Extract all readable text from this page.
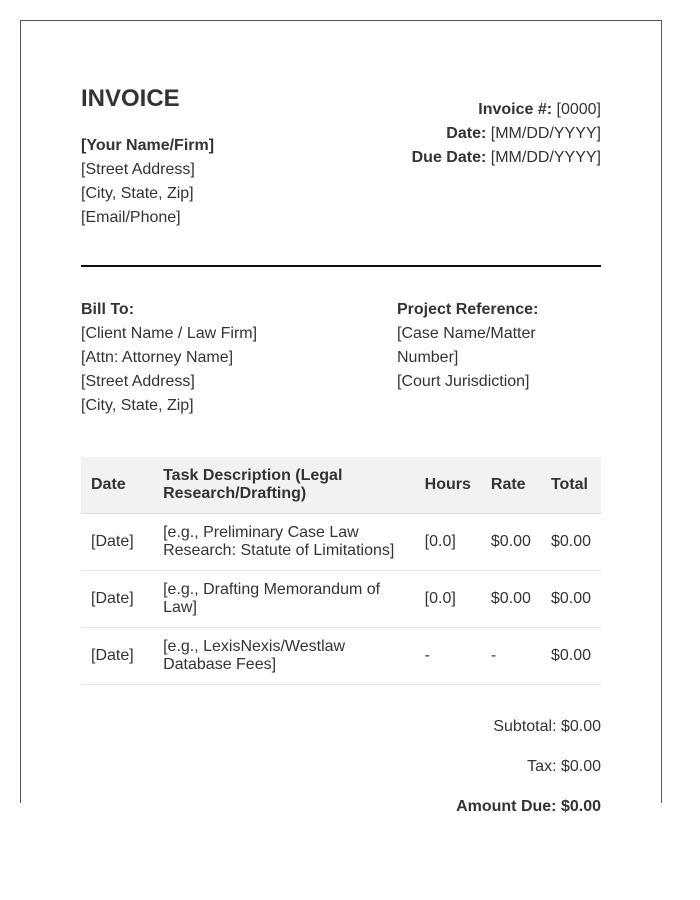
INVOICE
[Your Name/Firm]
[Street Address]
[City, State, Zip]
[Email/Phone]
Invoice #: [0000]
Date: [MM/DD/YYYY]
Due Date: [MM/DD/YYYY]
Bill To:
[Client Name / Law Firm]
[Attn: Attorney Name]
[Street Address]
[City, State, Zip]
Project Reference:
[Case Name/Matter Number]
[Court Jurisdiction]
Date	Task Description (Legal Research/Drafting)	Hours	Rate	Total
[Date]	[e.g., Preliminary Case Law Research: Statute of Limitations]	[0.0]	$0.00	$0.00
[Date]	[e.g., Drafting Memorandum of Law]	[0.0]	$0.00	$0.00
[Date]	[e.g., LexisNexis/Westlaw Database Fees]	-	-	$0.00
Subtotal: $0.00
Tax: $0.00
Amount Due: $0.00
